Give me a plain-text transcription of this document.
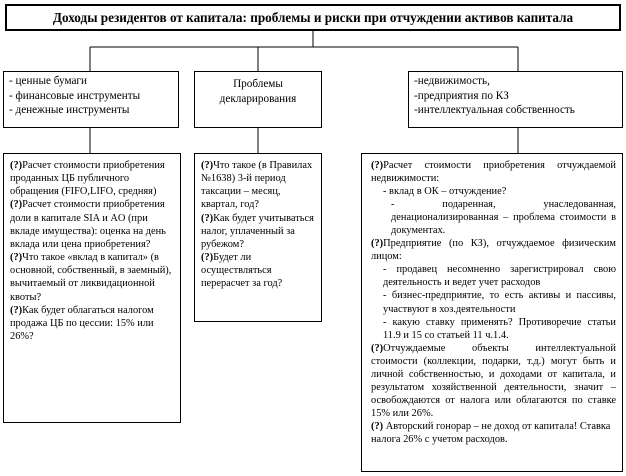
Доходы резидентов от капитала: проблемы и риски при отчуждении активов капитала
- ценные бумаги
- финансовые инструменты
- денежные инструменты
Проблемы
декларирования
-недвижимость,
-предприятия по КЗ
-интеллектуальная собственность

(?)Расчет стоимости приобретения проданных ЦБ публичного обращения (FIFO,LIFO, средняя)

(?)Расчет стоимости приобретения доли в капитале SIA и AO (при вкладе имущества): оценка на день вклада или цена приобретения?

(?)Что такое «вклад в капитал» (в основной, собственный, в заемный), вычитаемый от ликвидационной квоты?

(?)Как будет облагаться налогом продажа ЦБ по цессии: 15% или 26%?

(?)Что такое (в Правилах №1638) 3-й период таксации – месяц, квартал, год?

(?)Как будет учитываться налог, уплаченный за рубежом?

(?)Будет ли осуществляться перерасчет за год?

(?)Расчет стоимости приобретения отчуждаемой недвижимости:

- вклад в ОК – отчуждение?

- подаренная, унаследованная, денационализированная – проблема стоимости в документах.

(?)Предприятие (по КЗ), отчуждаемое физическим лицом:

- продавец несомненно зарегистрировал свою деятельность и ведет учет расходов

- бизнес-предприятие, то есть активы и пассивы, участвуют в хоз.деятельности

- какую ставку применять? Противоречие статьи 11.9 и 15 со статьей 11 ч.1.4.

(?)Отчуждаемые объекты интеллектуальной стоимости (коллекции, подарки, т.д.) могут быть и личной собственностью, и доходами от капитала, и результатом хозяйственной деятельности, значит – освобождаются от налога или облагаются по ставке 15% или 26%.

(?) Авторский гонорар – не доход от капитала! Ставка налога 26% с учетом расходов.
